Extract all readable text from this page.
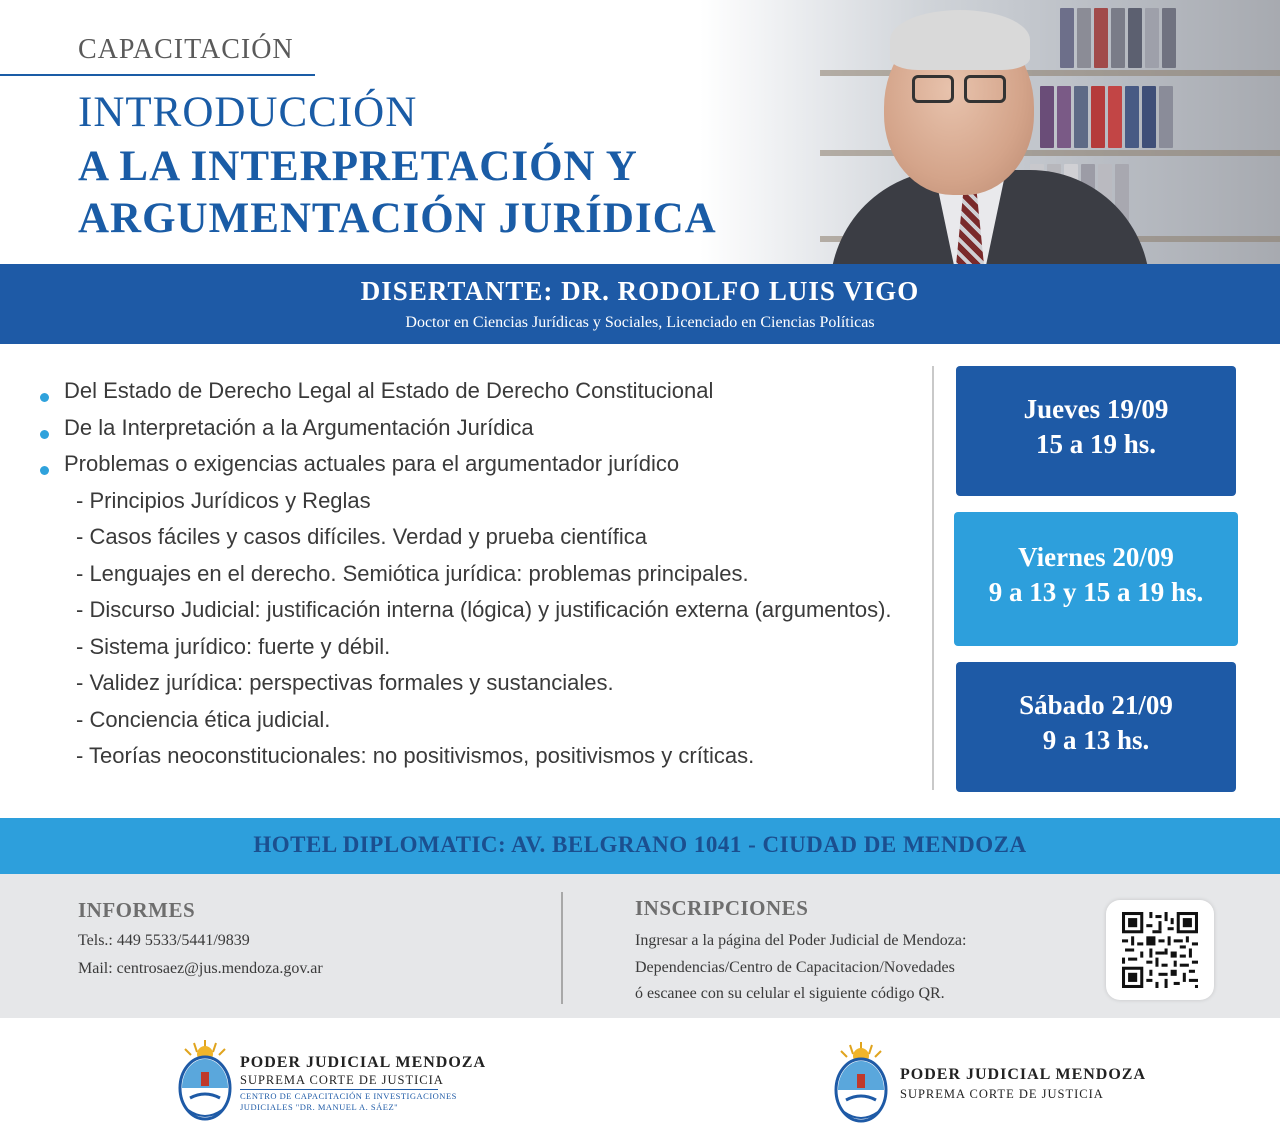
CAPACITACIÓN
INTRODUCCIÓN
A LA INTERPRETACIÓN Y
ARGUMENTACIÓN JURÍDICA
DISERTANTE: DR. RODOLFO LUIS VIGO
Doctor en Ciencias Jurídicas y Sociales, Licenciado en Ciencias Políticas
Del Estado de Derecho Legal al Estado de Derecho Constitucional
De la Interpretación a la Argumentación Jurídica
Problemas o exigencias actuales para el argumentador jurídico
- Principios Jurídicos y Reglas
- Casos fáciles y casos difíciles. Verdad y prueba científica
- Lenguajes en el derecho. Semiótica jurídica: problemas principales.
- Discurso Judicial: justificación interna (lógica) y justificación externa (argumentos).
- Sistema jurídico: fuerte y débil.
- Validez jurídica: perspectivas formales y sustanciales.
- Conciencia ética judicial.
- Teorías neoconstitucionales: no positivismos, positivismos y críticas.
Jueves 19/09
15 a 19 hs.
Viernes 20/09
9 a 13 y 15 a 19 hs.
Sábado 21/09
9 a 13 hs.
HOTEL DIPLOMATIC: AV. BELGRANO 1041 - CIUDAD DE MENDOZA
INFORMES
Tels.: 449 5533/5441/9839
Mail: centrosaez@jus.mendoza.gov.ar
INSCRIPCIONES
Ingresar a la página del Poder Judicial de Mendoza:
Dependencias/Centro de Capacitacion/Novedades
ó escanee con su celular el siguiente código QR.
PODER JUDICIAL MENDOZA
SUPREMA CORTE DE JUSTICIA
CENTRO DE CAPACITACIÓN E INVESTIGACIONES
JUDICIALES "DR. MANUEL A. SÁEZ"
PODER JUDICIAL MENDOZA
SUPREMA CORTE DE JUSTICIA
